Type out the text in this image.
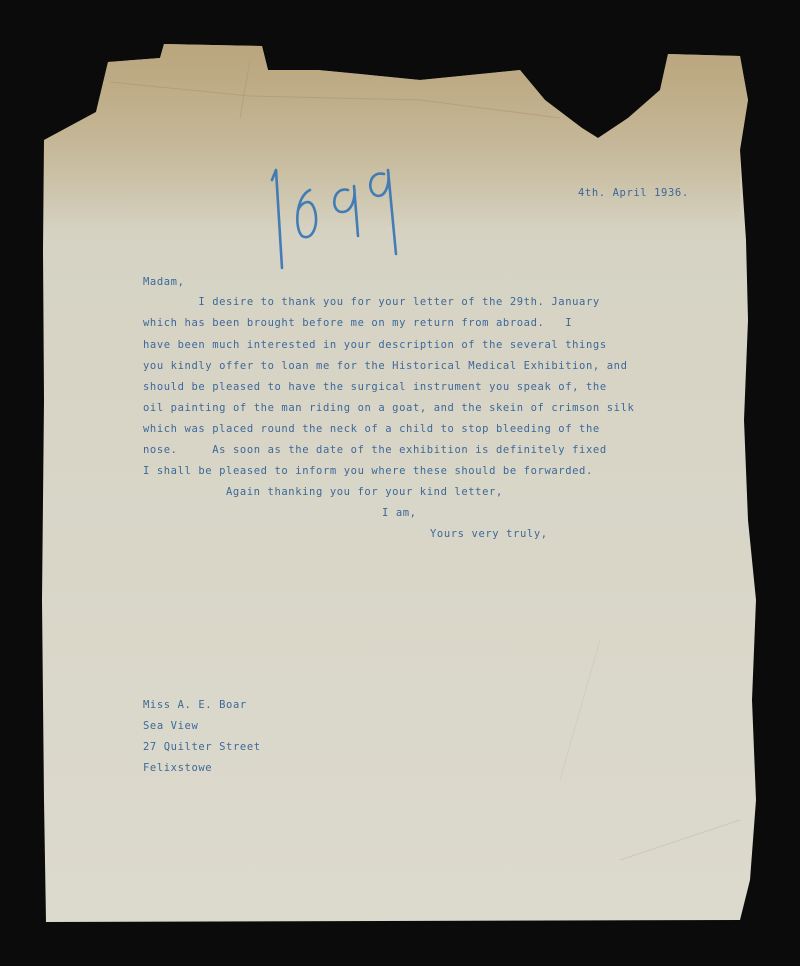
4th. April 1936.
Madam,
I desire to thank you for your letter of the 29th. January
which has been brought before me on my return from abroad.   I
have been much interested in your description of the several things
you kindly offer to loan me for the Historical Medical Exhibition, and
should be pleased to have the surgical instrument you speak of, the
oil painting of the man riding on a goat, and the skein of crimson silk
which was placed round the neck of a child to stop bleeding of the
nose.     As soon as the date of the exhibition is definitely fixed
I shall be pleased to inform you where these should be forwarded.
Again thanking you for your kind letter,
I am,
Yours very truly,
Miss A. E. Boar
Sea View
27 Quilter Street
Felixstowe
